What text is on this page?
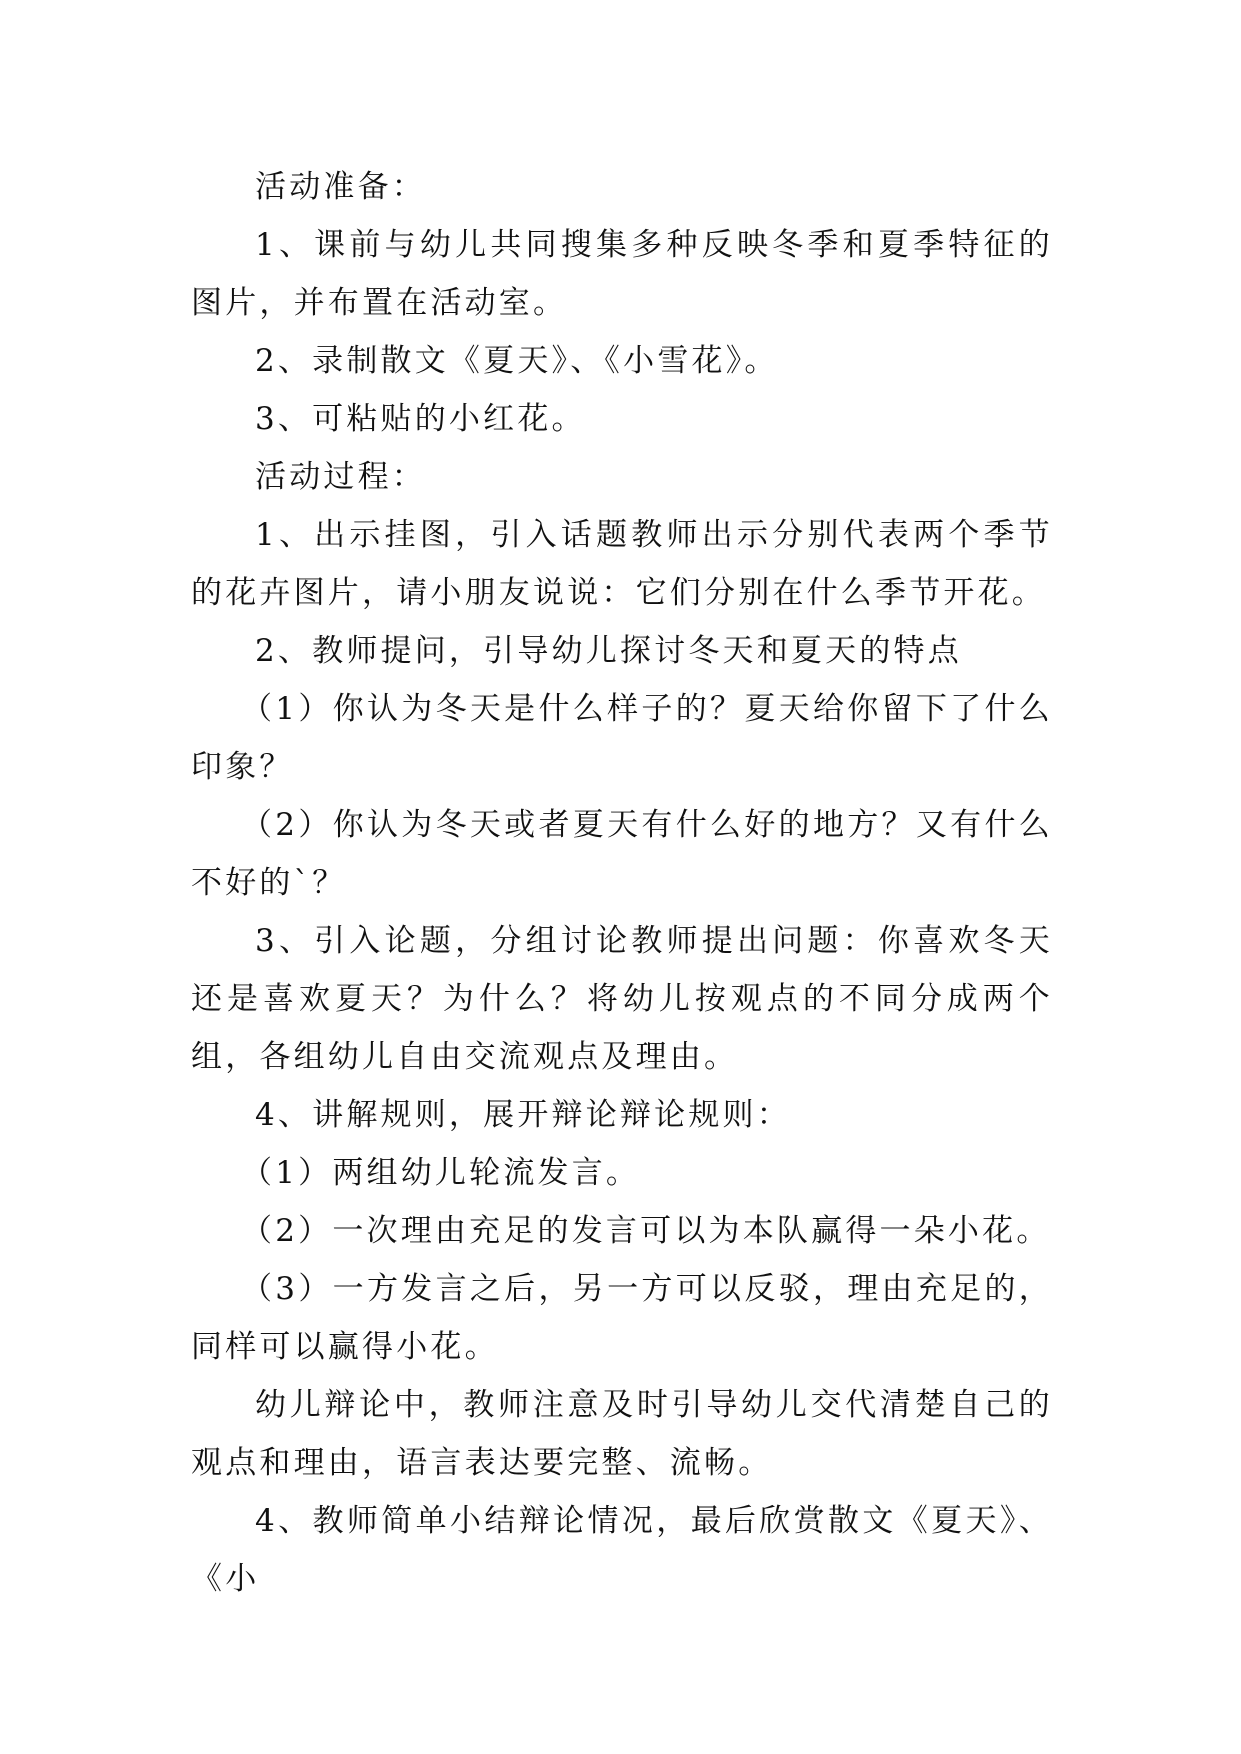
活动准备：

1、课前与幼儿共同搜集多种反映冬季和夏季特征的图片，并布置在活动室。

2、录制散文《夏天》、《小雪花》。

3、可粘贴的小红花。

活动过程：

1、出示挂图，引入话题教师出示分别代表两个季节的花卉图片，请小朋友说说：它们分别在什么季节开花。

2、教师提问，引导幼儿探讨冬天和夏天的特点

（1）你认为冬天是什么样子的？夏天给你留下了什么印象？

（2）你认为冬天或者夏天有什么好的地方？又有什么不好的`？

3、引入论题，分组讨论教师提出问题：你喜欢冬天还是喜欢夏天？为什么？将幼儿按观点的不同分成两个组，各组幼儿自由交流观点及理由。

4、讲解规则，展开辩论辩论规则：

（1）两组幼儿轮流发言。

（2）一次理由充足的发言可以为本队赢得一朵小花。

（3）一方发言之后，另一方可以反驳，理由充足的，同样可以赢得小花。

幼儿辩论中，教师注意及时引导幼儿交代清楚自己的观点和理由，语言表达要完整、流畅。

4、教师简单小结辩论情况，最后欣赏散文《夏天》、《小
